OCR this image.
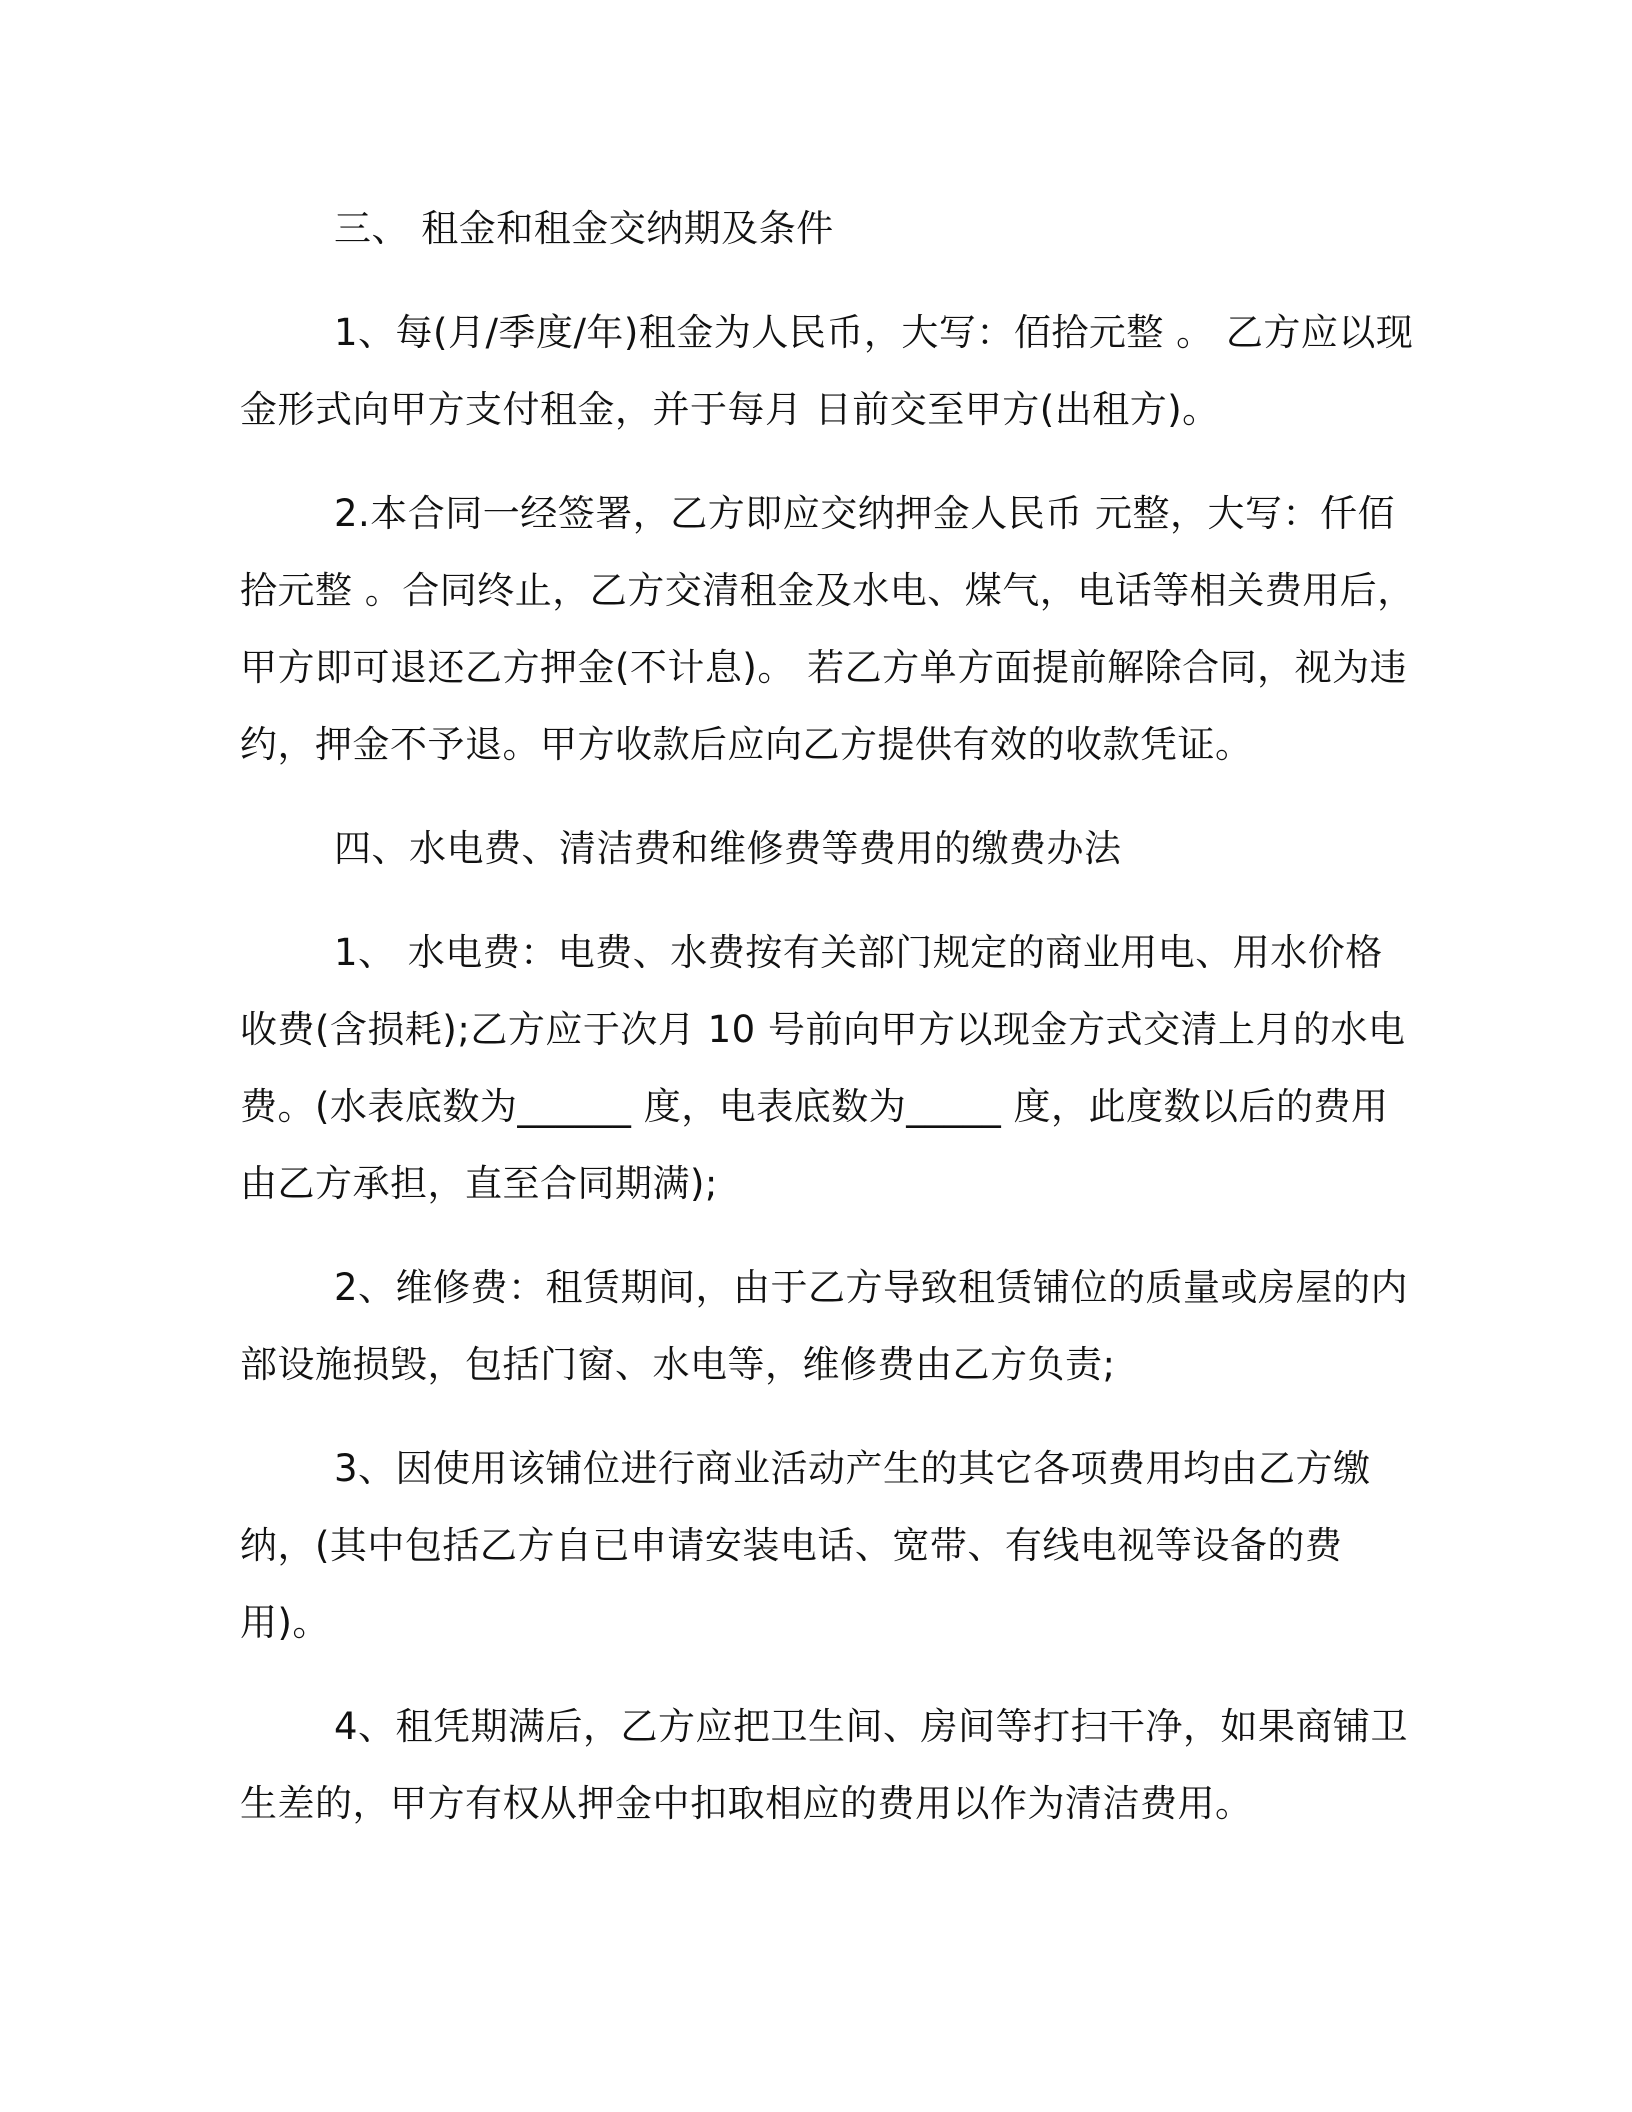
三、 租金和租金交纳期及条件

1、每(月/季度/年)租金为人民币，大写：佰拾元整 。 乙方应以现金形式向甲方支付租金，并于每月 日前交至甲方(出租方)。

2.本合同一经签署，乙方即应交纳押金人民币 元整，大写：仟佰拾元整 。合同终止，乙方交清租金及水电、煤气，电话等相关费用后，甲方即可退还乙方押金(不计息)。 若乙方单方面提前解除合同，视为违约，押金不予退。甲方收款后应向乙方提供有效的收款凭证。

四、水电费、清洁费和维修费等费用的缴费办法

1、 水电费：电费、水费按有关部门规定的商业用电、用水价格收费(含损耗);乙方应于次月 10 号前向甲方以现金方式交清上月的水电费。(水表底数为______ 度，电表底数为_____ 度，此度数以后的费用由乙方承担，直至合同期满);

2、维修费：租赁期间，由于乙方导致租赁铺位的质量或房屋的内部设施损毁，包括门窗、水电等，维修费由乙方负责;

3、因使用该铺位进行商业活动产生的其它各项费用均由乙方缴纳，(其中包括乙方自已申请安装电话、宽带、有线电视等设备的费用)。

4、租凭期满后，乙方应把卫生间、房间等打扫干净，如果商铺卫生差的，甲方有权从押金中扣取相应的费用以作为清洁费用。
